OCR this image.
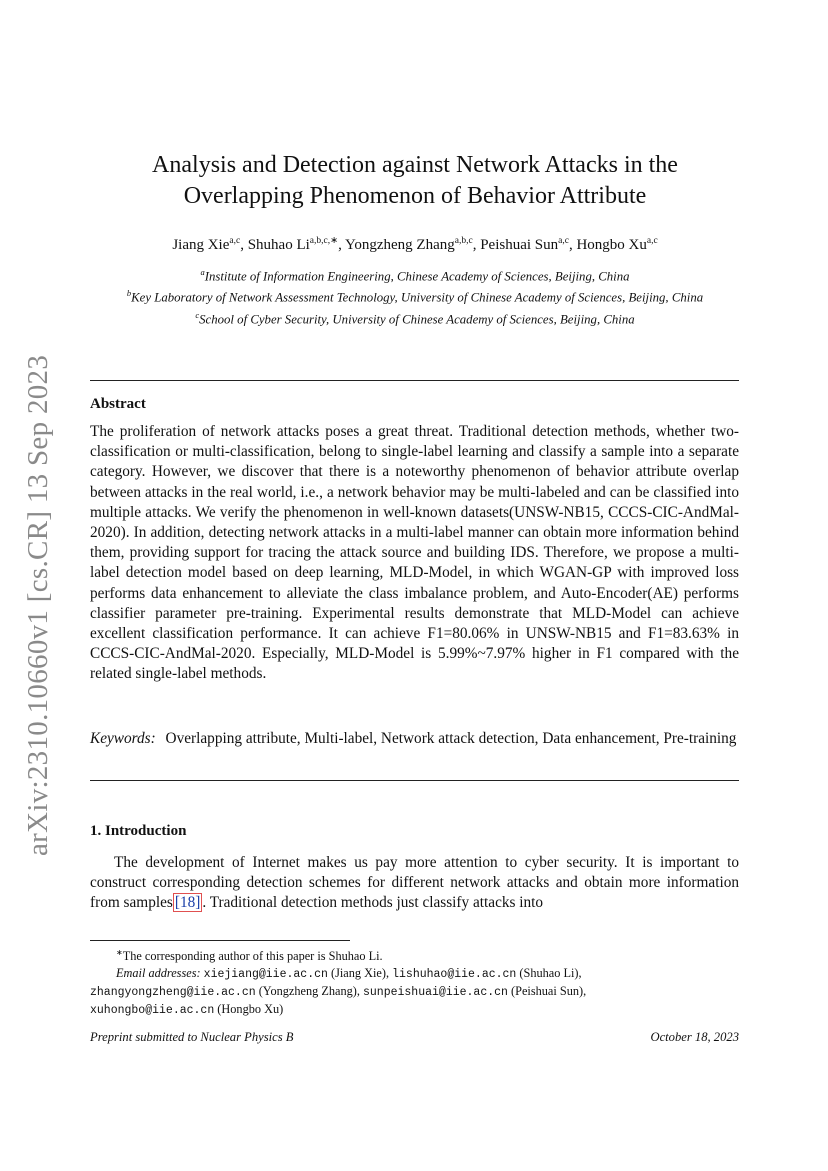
arXiv:2310.10660v1 [cs.CR] 13 Sep 2023
Analysis and Detection against Network Attacks in the
Overlapping Phenomenon of Behavior Attribute
Jiang Xie$^{a,c}$, Shuhao $Li^{a,b,c,∗}$, Yongzheng Zhang$^{a,b,c}$, Peishuai Sun$^{a,c}$, Hongbo Xu$^{a,c}$

$^a$Institute of Information Engineering, Chinese Academy of Sciences, Beijing, China

$^b$Key Laboratory of Network Assessment Technology, University of Chinese Academy of Sciences, Beijing, China

$^c$School of Cyber Security, University of Chinese Academy of Sciences, Beijing, China

Abstract
The proliferation of network attacks poses a great threat. Traditional detection methods, whether two-classification or multi-classification, belong to single-label learning and classify a sample into a separate category. However, we discover that there is a noteworthy phenomenon of behavior attribute overlap between attacks in the real world, i.e., a network behavior may be multi-labeled and can be classified into multiple attacks. We verify the phenomenon in well-known datasets(UNSW-NB15, CCCS-CIC-AndMal-2020). In addition, detecting network attacks in a multi-label manner can obtain more information behind them, providing support for tracing the attack source and building IDS. Therefore, we propose a multi-label detection model based on deep learning, MLD-Model, in which WGAN-GP with improved loss performs data enhancement to alleviate the class imbalance problem, and Auto-Encoder(AE) performs classifier parameter pre-training. Experimental results demonstrate that MLD-Model can achieve excellent classification performance. It can achieve F1=80.06% in UNSW-NB15 and F1=83.63% in CCCS-CIC-AndMal-2020. Especially, MLD-Model is 5.99%~7.97% higher in F1 compared with the related single-label methods.
Keywords: Overlapping attribute, Multi-label, Network attack detection, Data enhancement, Pre-training
1. Introduction
The development of Internet makes us pay more attention to cyber security. It is important to construct corresponding detection schemes for different network attacks and obtain more information from samples [18] . Traditional detection methods just classify attacks into

∗The corresponding author of this paper is Shuhao Li.

Email addresses: xiejiang@iie.ac.cn (Jiang Xie), lishuhao@iie.ac.cn (Shuhao Li),

zhangyongzheng@iie.ac.cn (Yongzheng Zhang), sunpeishuai@iie.ac.cn (Peishuai Sun),

xuhongbo@iie.ac.cn (Hongbo Xu)

Preprint submitted to Nuclear Physics B	October 18, 2023
